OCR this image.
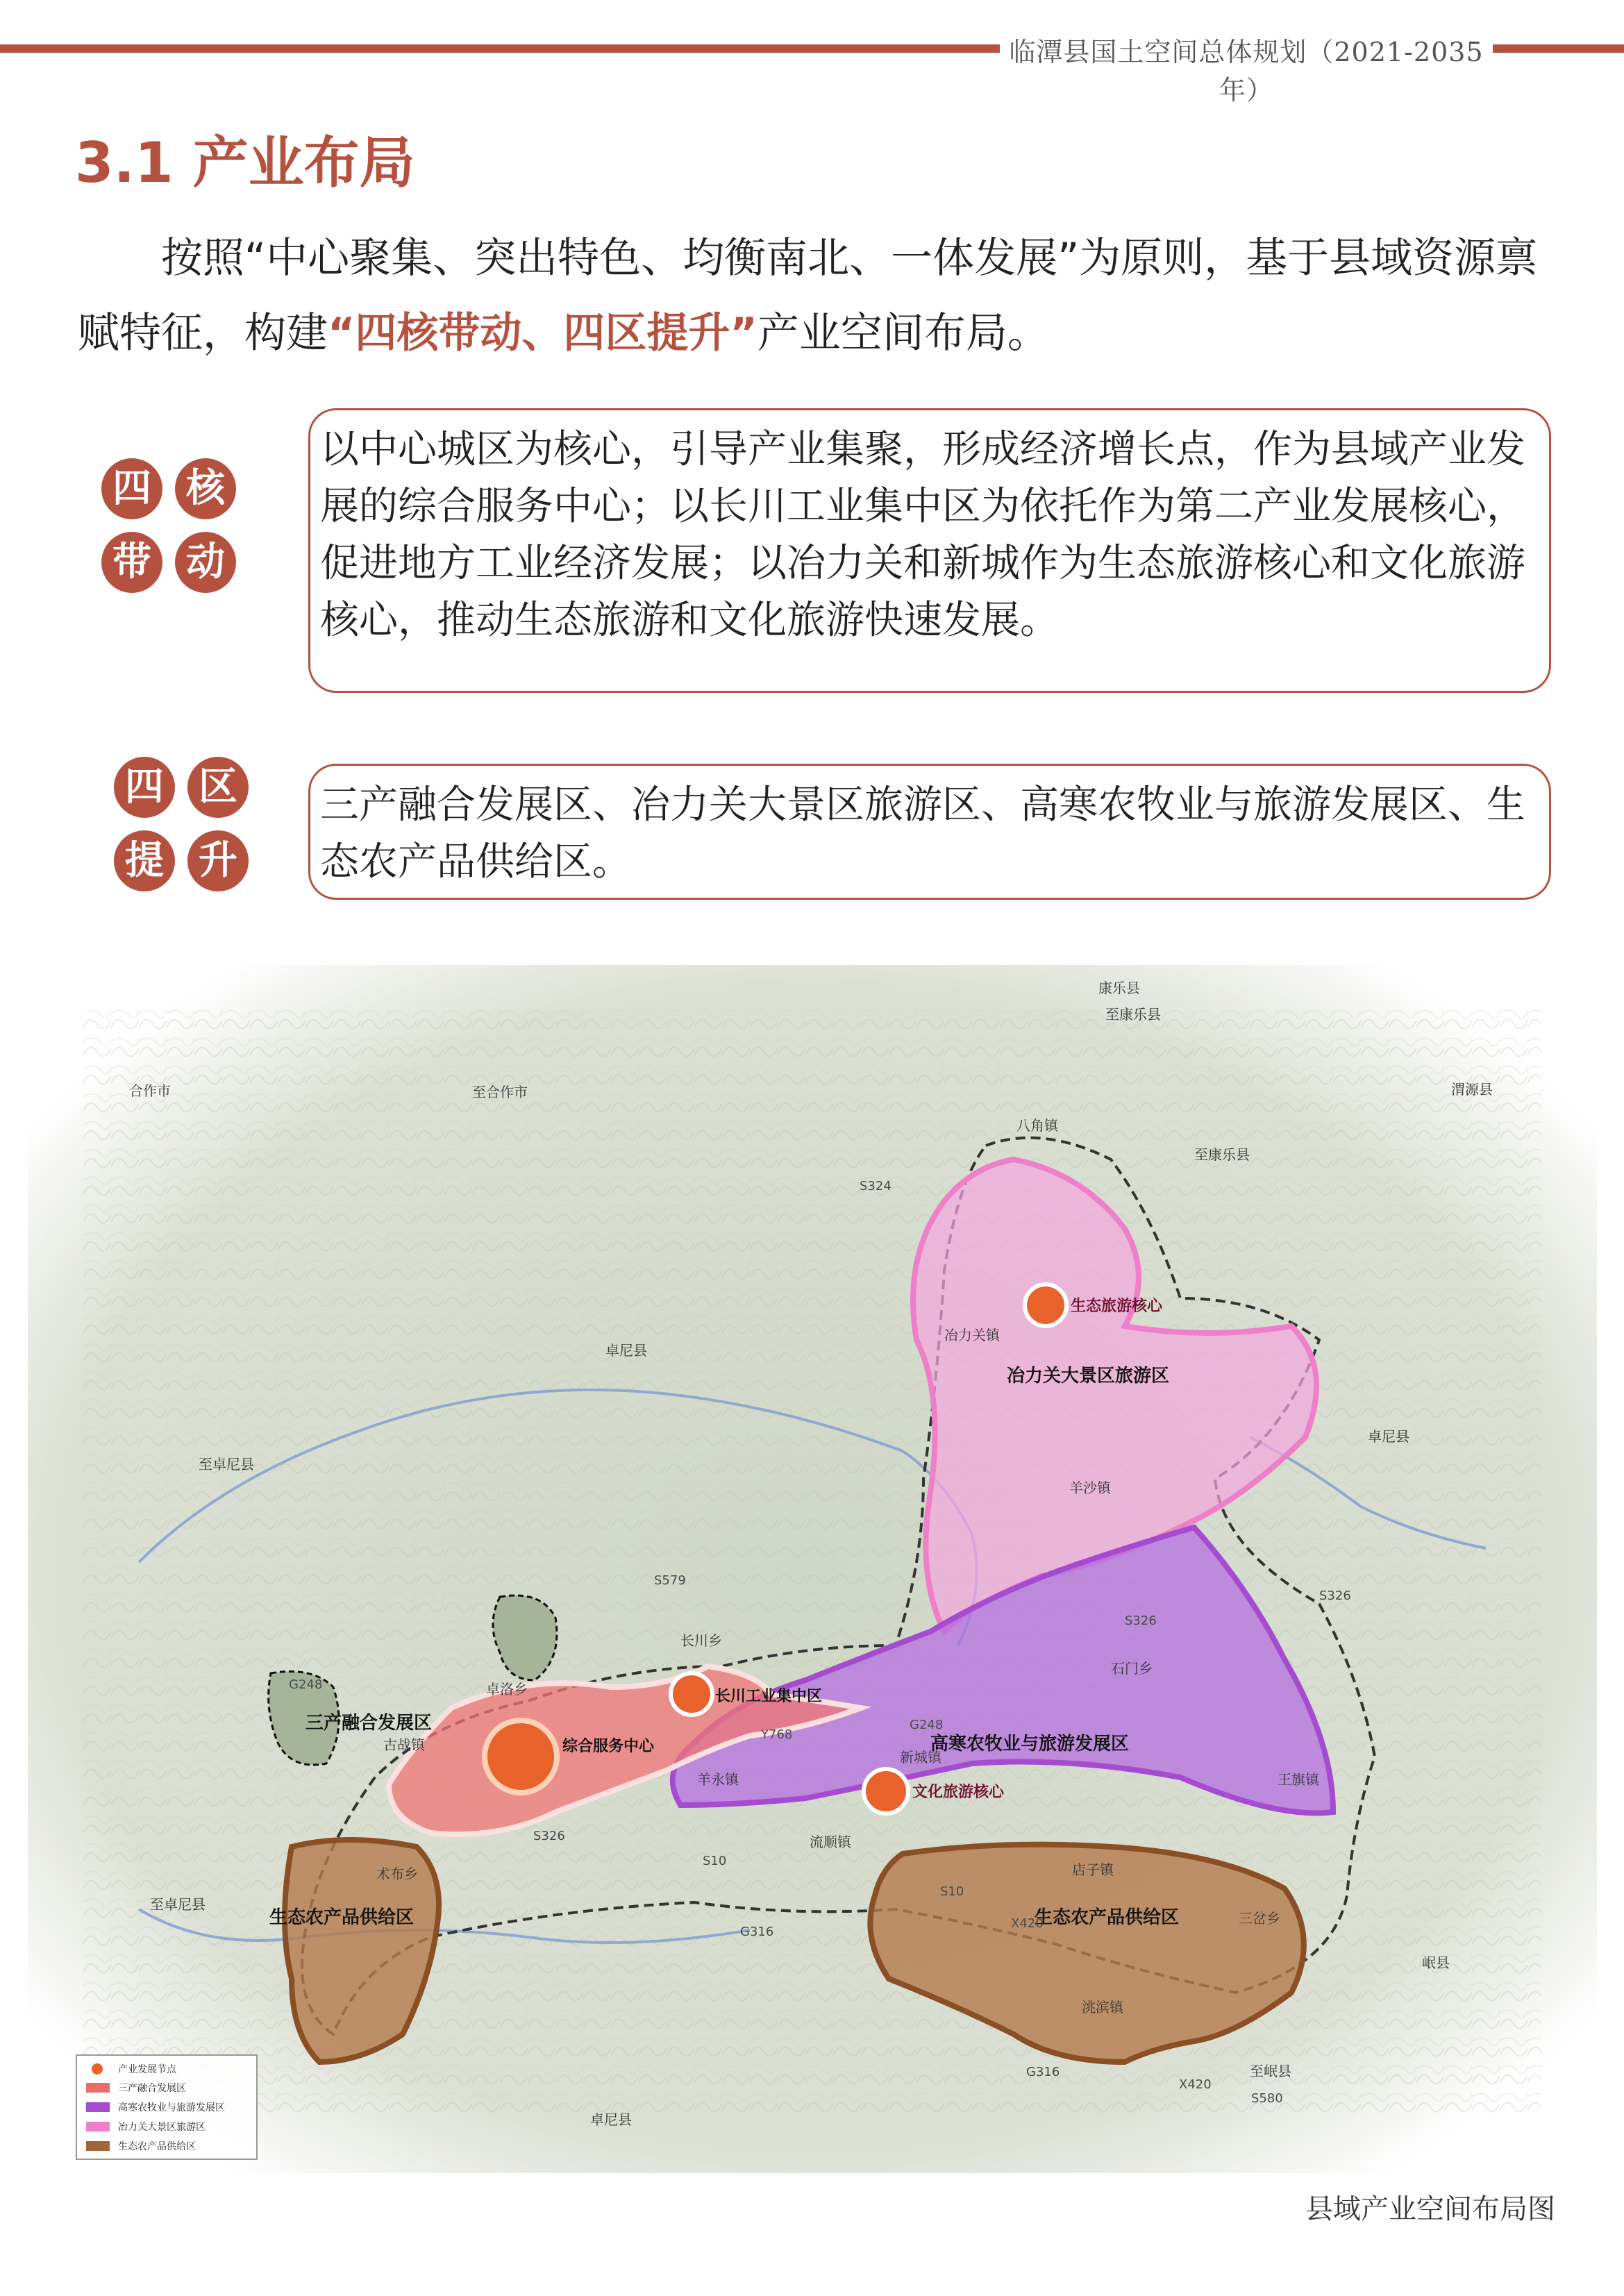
临潭县国土空间总体规划（2021-2035 年）
3.1 产业布局
按照“中心聚集、突出特色、均衡南北、一体发展”为原则，基于县域资源禀赋特征，构建“四核带动、四区提升”产业空间布局。
四 核
带 动
以中心城区为核心，引导产业集聚，形成经济增长点，作为县域产业发展的综合服务中心；以长川工业集中区为依托作为第二产业发展核心，促进地方工业经济发展；以冶力关和新城作为生态旅游核心和文化旅游核心，推动生态旅游和文化旅游快速发展。
四 区
提 升
三产融合发展区、冶力关大景区旅游区、高寒农牧业与旅游发展区、生态农产品供给区。
三产融合发展区
冶力关大景区旅游区
高寒农牧业与旅游发展区
生态农产品供给区	生态农产品供给区
综合服务中心
长川工业集中区
生态旅游核心
文化旅游核心
合作市	至合作市
康乐县
至康乐县
至康乐县
渭源县
八角镇
冶力关镇
卓尼县
卓尼县
卓尼县
至卓尼县
至卓尼县
羊沙镇
石门乡
长川乡
卓洛乡
古战镇
新城镇
羊永镇
流顺镇
王旗镇
店子镇
三岔乡
洮滨镇
术布乡
岷县
至岷县
S324
S579
S326
S326
S326
G248
G248
Y768
S10
S10
X420
X420
G316
G316
S580
产业发展节点
三产融合发展区
高寒农牧业与旅游发展区
冶力关大景区旅游区
生态农产品供给区
县域产业空间布局图
